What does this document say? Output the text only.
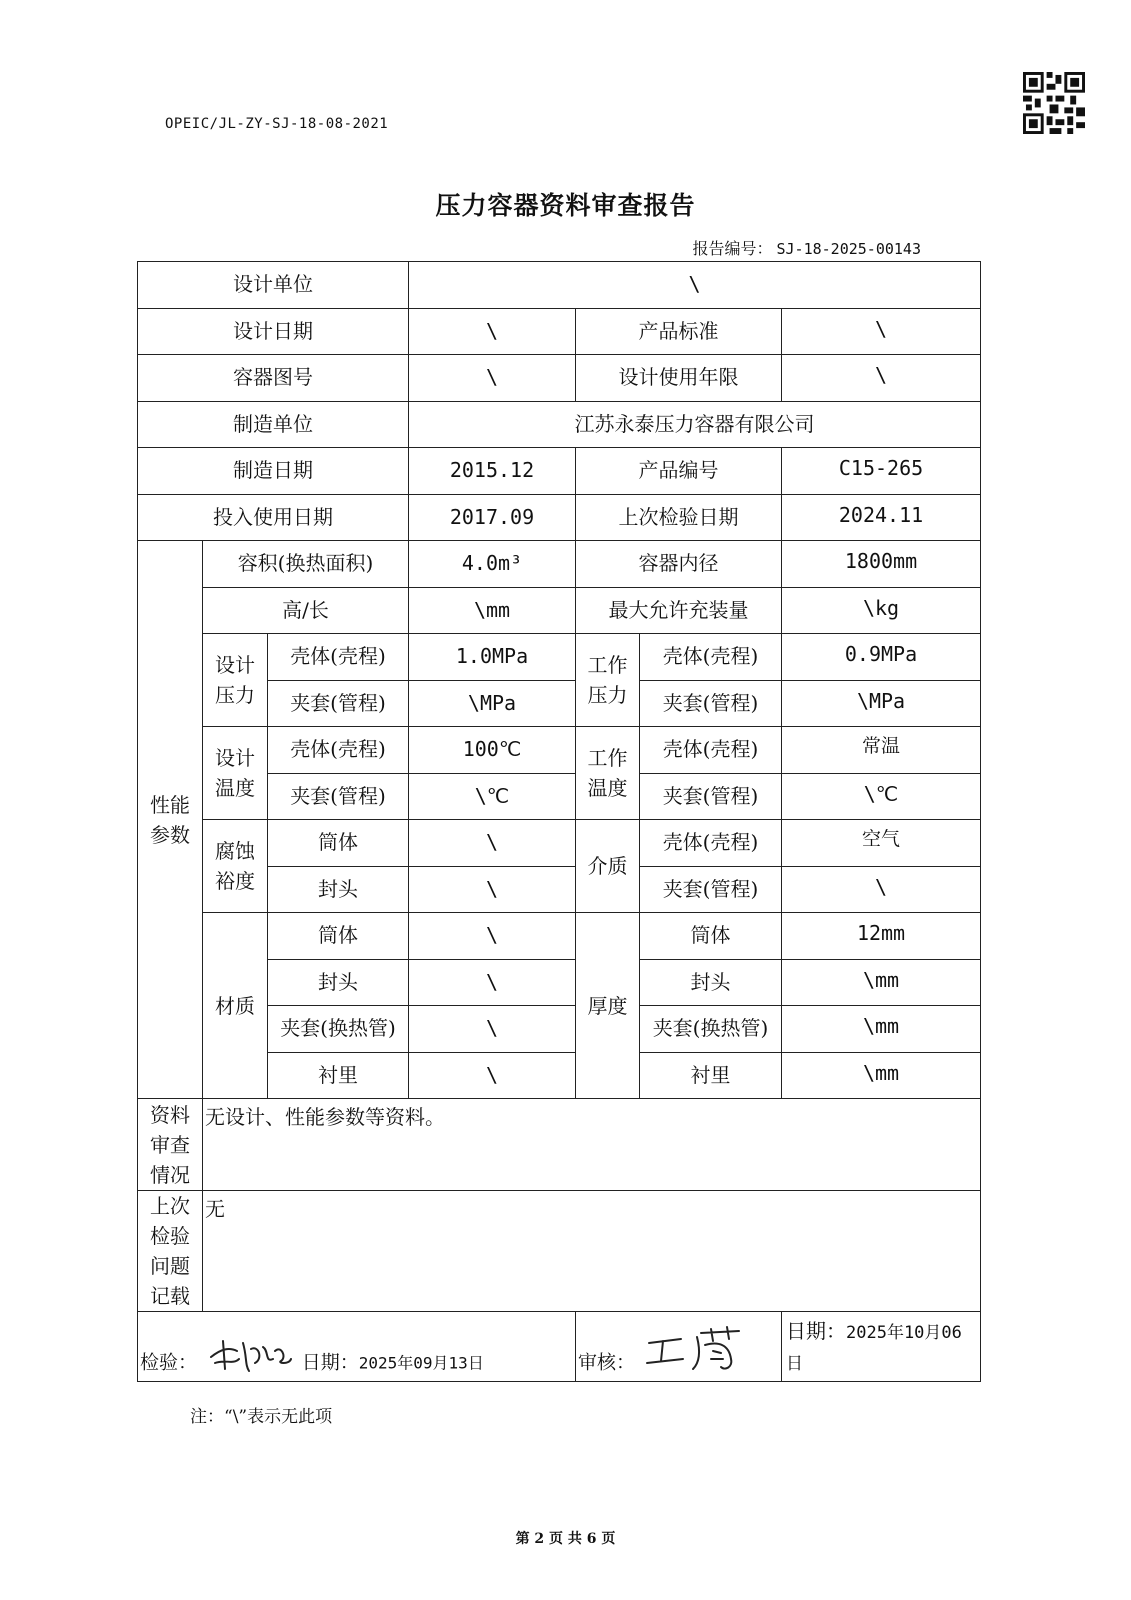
OPEIC/JL-ZY-SJ-18-08-2021
压力容器资料审查报告
报告编号： SJ-18-2025-00143
设计单位			\			
设计日期			\	产品标准		\
容器图号			\	设计使用年限		\
制造单位			江苏永泰压力容器有限公司			
制造日期			2015.12	产品编号		C15-265
投入使用日期			2017.09	上次检验日期		2024.11
性能参数	容积(换热面积)		4.0m³	容器内径		1800mm
	高/长		\mm	最大允许充装量		\kg
	设计压力	壳体(壳程)	1.0MPa	工作压力	壳体(壳程)	0.9MPa
		夹套(管程)	\MPa		夹套(管程)	\MPa
	设计温度	壳体(壳程)	100℃	工作温度	壳体(壳程)	常温
		夹套(管程)	\℃		夹套(管程)	\℃
	腐蚀裕度	筒体	\	介质	壳体(壳程)	空气
		封头	\		夹套(管程)	\
	材质	筒体	\	厚度	筒体	12mm
		封头	\		封头	\mm
		夹套(换热管)	\		夹套(换热管)	\mm
		衬里	\		衬里	\mm
资料审查情况	无设计、性能参数等资料。					
上次检验问题记载	无					
检验： 日期：2025年09月13日				审核：		日期：2025年10月06日
注：“\”表示无此项
第 2 页 共 6 页
